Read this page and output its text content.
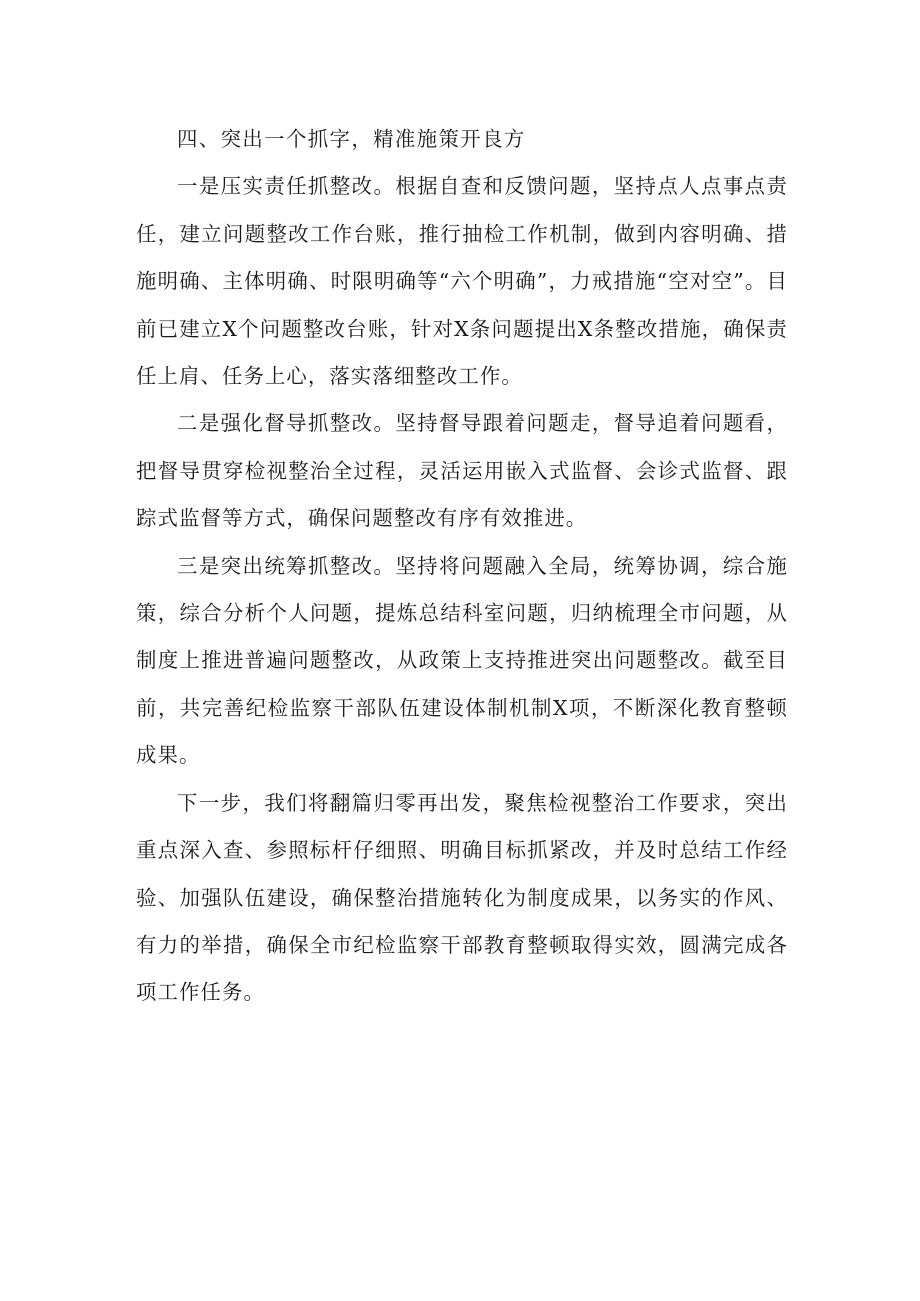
四、突出一个抓字，精准施策开良方

一是压实责任抓整改。根据自查和反馈问题，坚持点人点事点责任，建立问题整改工作台账，推行抽检工作机制，做到内容明确、措施明确、主体明确、时限明确等“六个明确”，力戒措施“空对空”。目前已建立X个问题整改台账，针对X条问题提出X条整改措施，确保责任上肩、任务上心，落实落细整改工作。

二是强化督导抓整改。坚持督导跟着问题走，督导追着问题看，把督导贯穿检视整治全过程，灵活运用嵌入式监督、会诊式监督、跟踪式监督等方式，确保问题整改有序有效推进。

三是突出统筹抓整改。坚持将问题融入全局，统筹协调，综合施策，综合分析个人问题，提炼总结科室问题，归纳梳理全市问题，从制度上推进普遍问题整改，从政策上支持推进突出问题整改。截至目前，共完善纪检监察干部队伍建设体制机制X项，不断深化教育整顿成果。

下一步，我们将翻篇归零再出发，聚焦检视整治工作要求，突出重点深入查、参照标杆仔细照、明确目标抓紧改，并及时总结工作经验、加强队伍建设，确保整治措施转化为制度成果，以务实的作风、有力的举措，确保全市纪检监察干部教育整顿取得实效，圆满完成各项工作任务。
